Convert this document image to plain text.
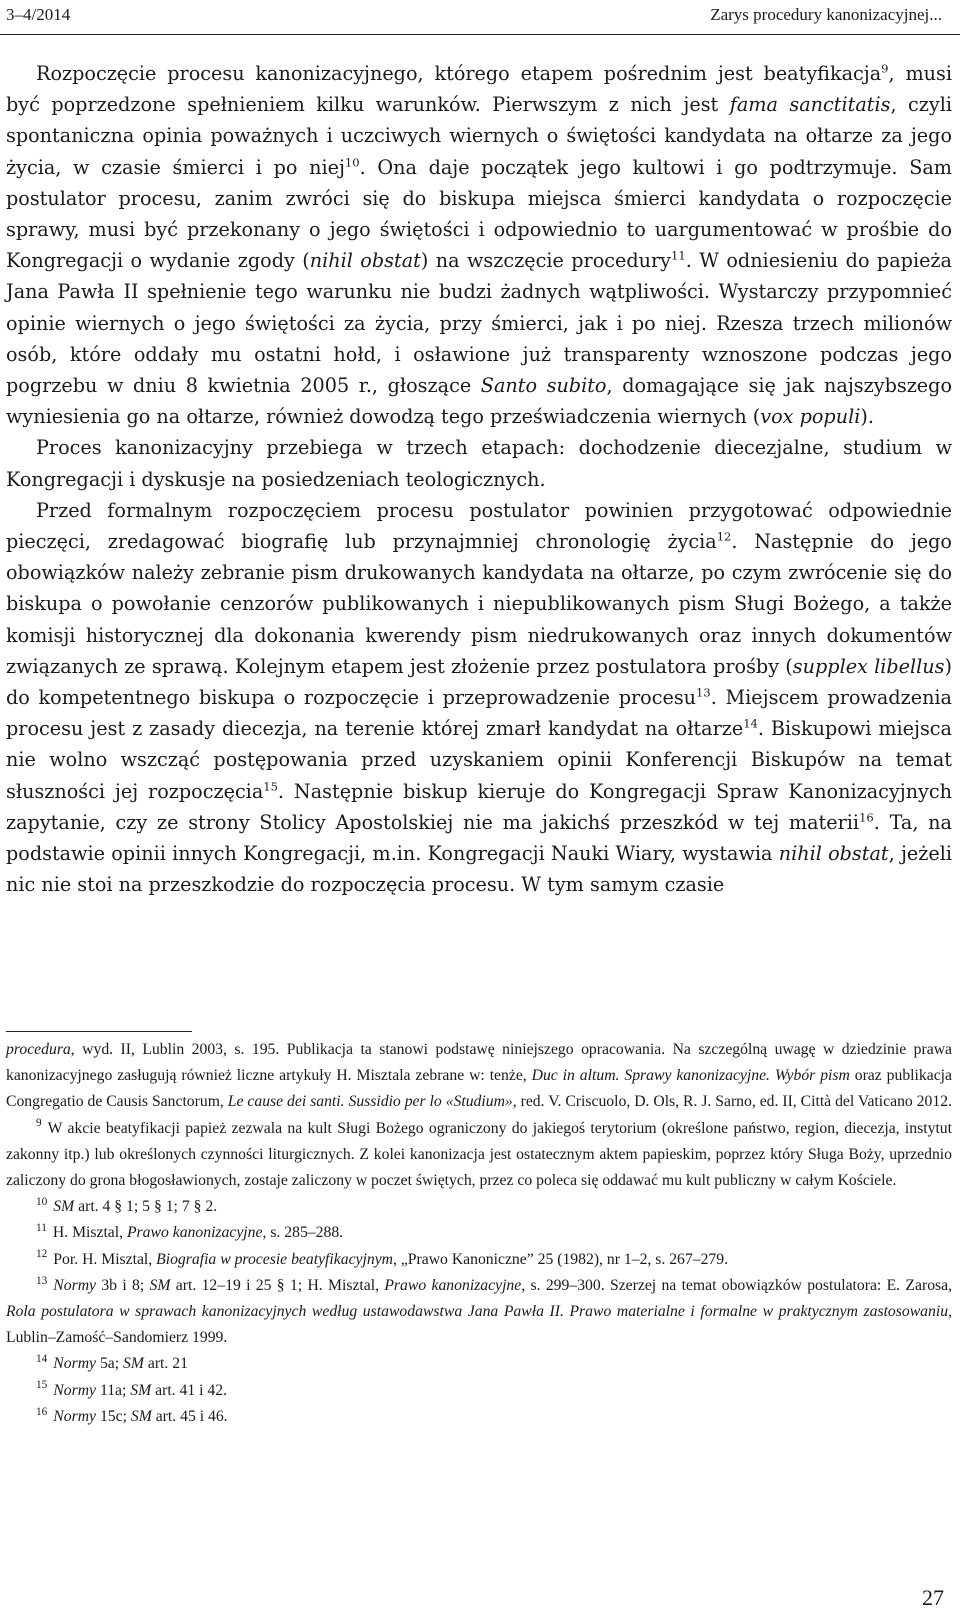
3–4/2014	Zarys procedury kanonizacyjnej...

Rozpoczęcie procesu kanonizacyjnego, którego etapem pośrednim jest beatyfikacja$^9$, musi być poprzedzone spełnieniem kilku warunków. Pierwszym z nich jest fama sanctitatis, czyli spontaniczna opinia poważnych i uczciwych wiernych o świętości kandydata na ołtarze za jego życia, w czasie śmierci i po niej$^{10}$. Ona daje początek jego kultowi i go podtrzymuje. Sam postulator procesu, zanim zwróci się do biskupa miejsca śmierci kandydata o rozpoczęcie sprawy, musi być przekonany o jego świętości i odpowiednio to uargumentować w prośbie do Kongregacji o wydanie zgody (nihil obstat) na wszczęcie procedury$^{11}$. W odniesieniu do papieża Jana Pawła II spełnienie tego warunku nie budzi żadnych wątpliwości. Wystarczy przypomnieć opinie wiernych o jego świętości za życia, przy śmierci, jak i po niej. Rzesza trzech milionów osób, które oddały mu ostatni hołd, i osławione już transparenty wznoszone podczas jego pogrzebu w dniu 8 kwietnia 2005 r., głoszące Santo subito, domagające się jak najszybszego wyniesienia go na ołtarze, również dowodzą tego przeświadczenia wiernych (vox populi).

Proces kanonizacyjny przebiega w trzech etapach: dochodzenie diecezjalne, studium w Kongregacji i dyskusje na posiedzeniach teologicznych.

Przed formalnym rozpoczęciem procesu postulator powinien przygotować odpowiednie pieczęci, zredagować biografię lub przynajmniej chronologię życia$^{12}$. Następnie do jego obowiązków należy zebranie pism drukowanych kandydata na ołtarze, po czym zwrócenie się do biskupa o powołanie cenzorów publikowanych i niepublikowanych pism Sługi Bożego, a także komisji historycznej dla dokonania kwerendy pism niedrukowanych oraz innych dokumentów związanych ze sprawą. Kolejnym etapem jest złożenie przez postulatora prośby (supplex libellus) do kompetentnego biskupa o rozpoczęcie i przeprowadzenie procesu$^{13}$. Miejscem prowadzenia procesu jest z zasady diecezja, na terenie której zmarł kandydat na ołtarze$^{14}$. Biskupowi miejsca nie wolno wszcząć postępowania przed uzyskaniem opinii Konferencji Biskupów na temat słuszności jej rozpoczęcia$^{15}$. Następnie biskup kieruje do Kongregacji Spraw Kanonizacyjnych zapytanie, czy ze strony Stolicy Apostolskiej nie ma jakichś przeszkód w tej materii$^{16}$. Ta, na podstawie opinii innych Kongregacji, m.in. Kongregacji Nauki Wiary, wystawia nihil obstat, jeżeli nic nie stoi na przeszkodzie do rozpoczęcia procesu. W tym samym czasie

procedura, wyd. II, Lublin 2003, s. 195. Publikacja ta stanowi podstawę niniejszego opracowania. Na szczególną uwagę w dziedzinie prawa kanonizacyjnego zasługują również liczne artykuły H. Misztala zebrane w: tenże, Duc in altum. Sprawy kanonizacyjne. Wybór pism oraz publikacja Congregatio de Causis Sanctorum, Le cause dei santi. Sussidio per lo «Studium», red. V. Criscuolo, D. Ols, R. J. Sarno, ed. II, Città del Vaticano 2012.

$^9$ W akcie beatyfikacji papież zezwala na kult Sługi Bożego ograniczony do jakiegoś terytorium (określone państwo, region, diecezja, instytut zakonny itp.) lub określonych czynności liturgicznych. Z kolei kanonizacja jest ostatecznym aktem papieskim, poprzez który Sługa Boży, uprzednio zaliczony do grona błogosławionych, zostaje zaliczony w poczet świętych, przez co poleca się oddawać mu kult publiczny w całym Kościele.

$^{10}$ SM art. 4 § 1; 5 § 1; 7 § 2.

$^{11}$ H. Misztal, Prawo kanonizacyjne, s. 285–288.

$^{12}$ Por. H. Misztal, Biografia w procesie beatyfikacyjnym, „Prawo Kanoniczne” 25 (1982), nr 1–2, s. 267–279.

$^{13}$ Normy 3b i 8; SM art. 12–19 i 25 § 1; H. Misztal, Prawo kanonizacyjne, s. 299–300. Szerzej na temat obowiązków postulatora: E. Zarosa, Rola postulatora w sprawach kanonizacyjnych według ustawodawstwa Jana Pawła II. Prawo materialne i formalne w praktycznym zastosowaniu, Lublin–Zamość–Sandomierz 1999.

$^{14}$ Normy 5a; SM art. 21

$^{15}$ Normy 11a; SM art. 41 i 42.

$^{16}$ Normy 15c; SM art. 45 i 46.

27
